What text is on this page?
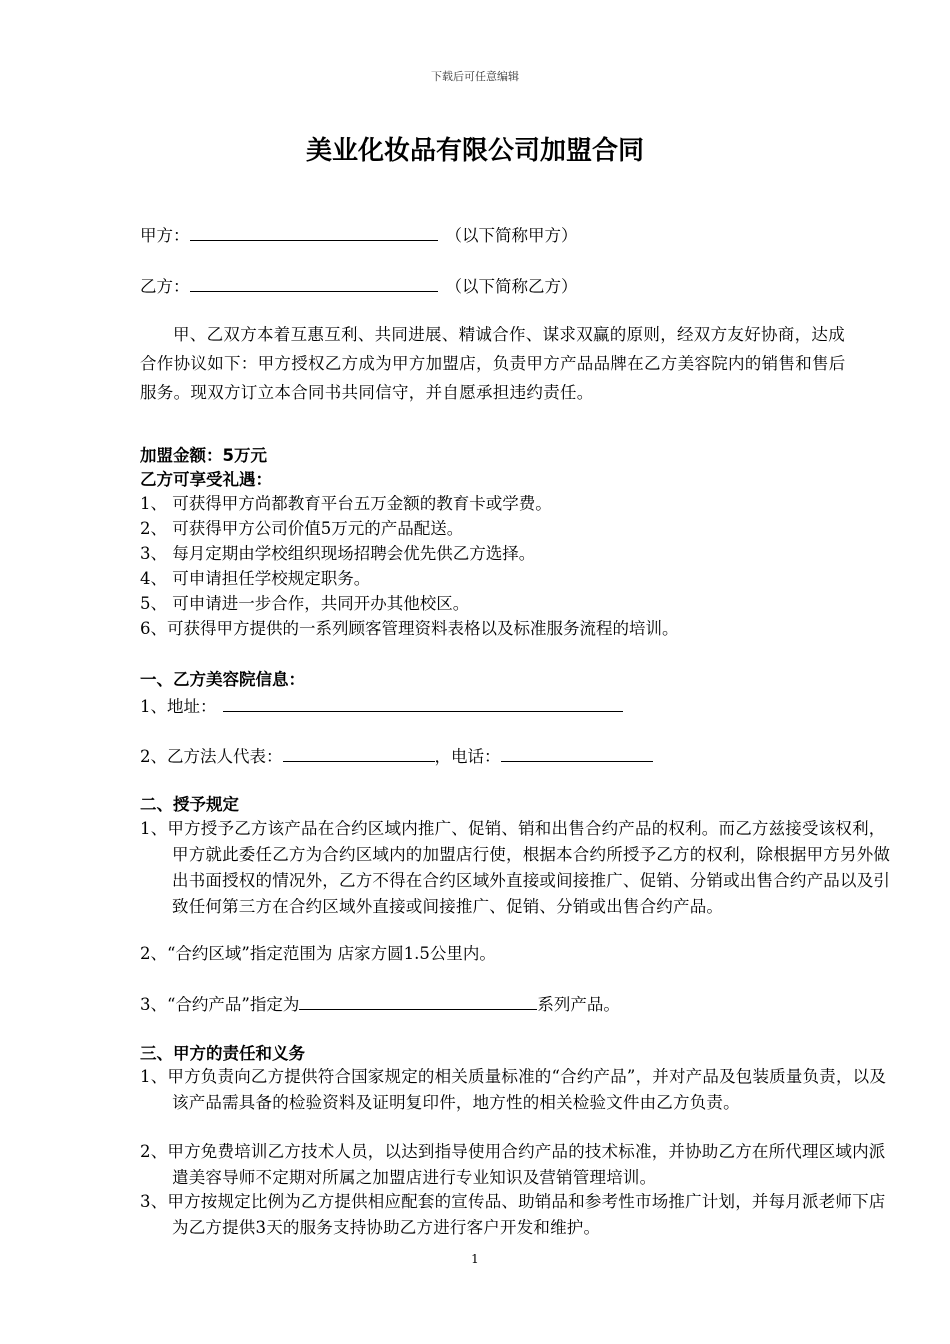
下载后可任意编辑
美业化妆品有限公司加盟合同
甲方：	（以下简称甲方）
乙方：	（以下简称乙方）
甲、乙双方本着互惠互利、共同进展、精诚合作、谋求双赢的原则，经双方友好协商，达成合作协议如下：甲方授权乙方成为甲方加盟店，负责甲方产品品牌在乙方美容院内的销售和售后服务。现双方订立本合同书共同信守，并自愿承担违约责任。
加盟金额：5万元
乙方可享受礼遇：
1、 可获得甲方尚都教育平台五万金额的教育卡或学费。
2、 可获得甲方公司价值5万元的产品配送。
3、 每月定期由学校组织现场招聘会优先供乙方选择。
4、 可申请担任学校规定职务。
5、 可申请进一步合作，共同开办其他校区。
6、可获得甲方提供的一系列顾客管理资料表格以及标准服务流程的培训。
一、乙方美容院信息：
1、地址：
2、乙方法人代表：	，电话：
二、授予规定
1、甲方授予乙方该产品在合约区域内推广、促销、销和出售合约产品的权利。而乙方兹接受该权利，甲方就此委任乙方为合约区域内的加盟店行使，根据本合约所授予乙方的权利，除根据甲方另外做出书面授权的情况外，乙方不得在合约区域外直接或间接推广、促销、分销或出售合约产品以及引致任何第三方在合约区域外直接或间接推广、促销、分销或出售合约产品。
2、“合约区域”指定范围为 店家方圆1.5公里内。
3、“合约产品”指定为	系列产品。
三、甲方的责任和义务
1、甲方负责向乙方提供符合国家规定的相关质量标准的“合约产品”，并对产品及包装质量负责，以及该产品需具备的检验资料及证明复印件，地方性的相关检验文件由乙方负责。
2、甲方免费培训乙方技术人员，以达到指导使用合约产品的技术标准，并协助乙方在所代理区域内派遣美容导师不定期对所属之加盟店进行专业知识及营销管理培训。
3、甲方按规定比例为乙方提供相应配套的宣传品、助销品和参考性市场推广计划，并每月派老师下店为乙方提供3天的服务支持协助乙方进行客户开发和维护。
1
